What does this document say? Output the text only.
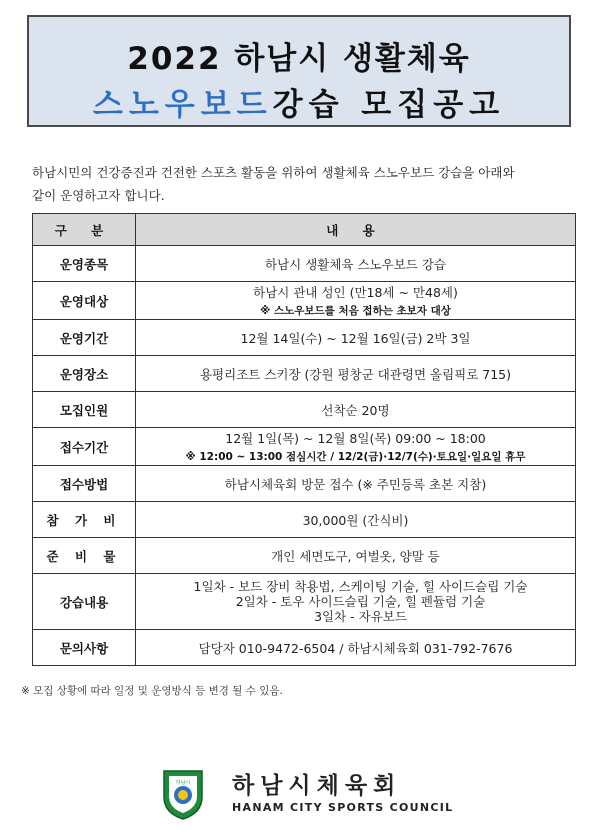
2022 하남시 생활체육
스노우보드강습 모집공고
하남시민의 건강증진과 건전한 스포츠 활동을 위하여 생활체육 스노우보드 강습을 아래와
같이 운영하고자 합니다.
구 분	내 용
운영종목	하남시 생활체육 스노우보드 강습
운영대상	하남시 관내 성인 (만18세 ~ 만48세)
※ 스노우보드를 처음 접하는 초보자 대상

운영기간	12월 14일(수) ~ 12월 16일(금) 2박 3일
운영장소	용평리조트 스키장 (강원 평창군 대관령면 올림픽로 715)
모집인원	선착순 20명
접수기간	12월 1일(목) ~ 12월 8일(목) 09:00 ~ 18:00
※ 12:00 ~ 13:00 점심시간 / 12/2(금)·12/7(수)·토요일·일요일 휴무

접수방법	하남시체육회 방문 접수 (※ 주민등록 초본 지참)
참 가 비	30,000원 (간식비)
준 비 물	개인 세면도구, 여벌옷, 양말 등
강습내용	1일차 - 보드 장비 착용법, 스케이팅 기술, 힐 사이드슬립 기술
2일차 - 토우 사이드슬립 기술, 힐 펜듈럼 기술
3일차 - 자유보드

문의사항	담당자 010-9472-6504 / 하남시체육회 031-792-7676
※ 모집 상황에 따라 일정 및 운영방식 등 변경 될 수 있음.
하남시 하남시체육회
HANAM CITY SPORTS COUNCIL
